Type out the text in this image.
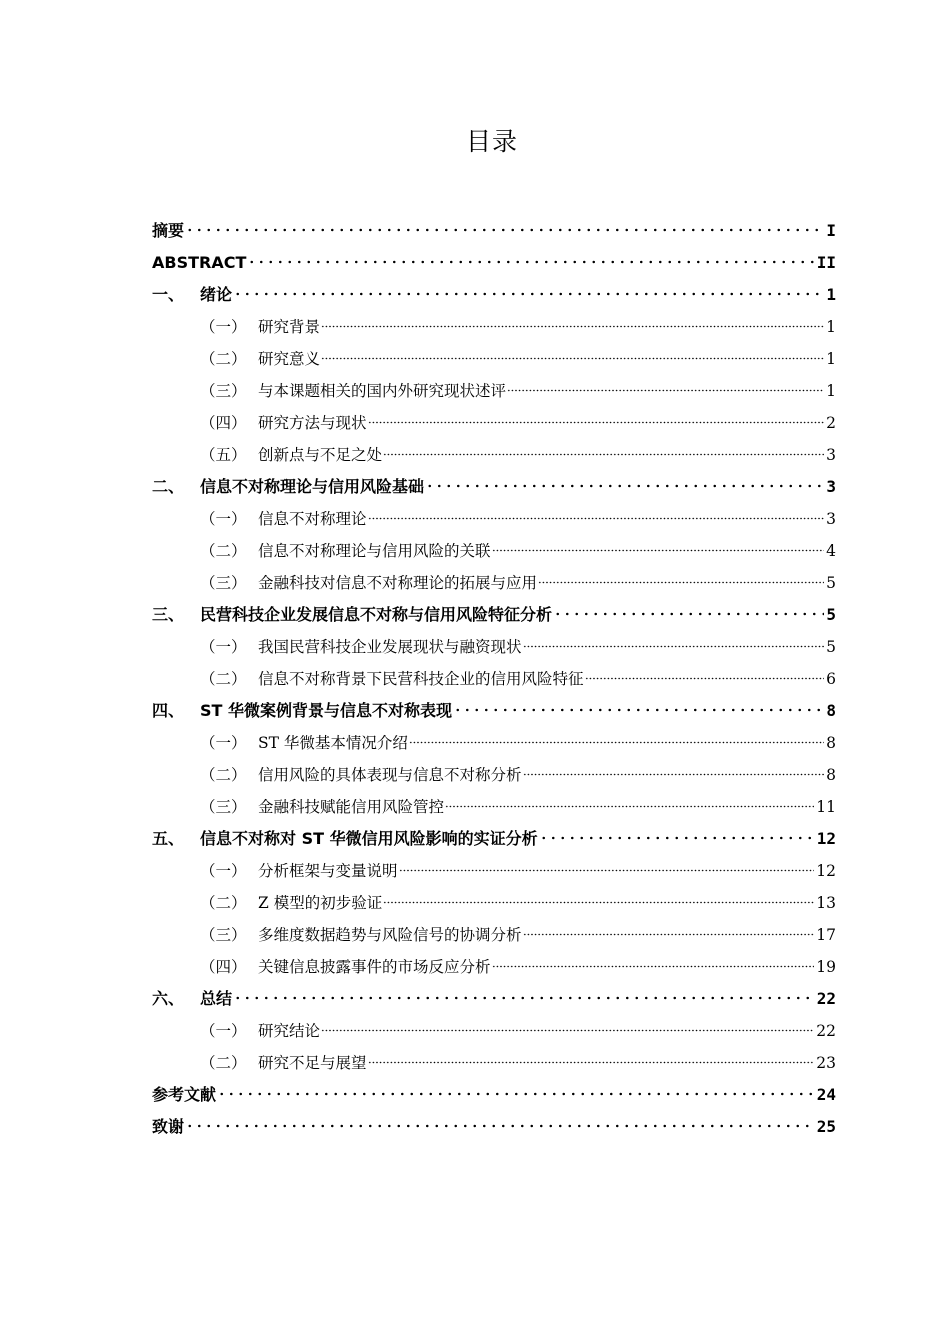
目录
摘要	I
ABSTRACT	II
一、 绪论	1
（一） 研究背景	1
（二） 研究意义	1
（三） 与本课题相关的国内外研究现状述评	1
（四） 研究方法与现状	2
（五） 创新点与不足之处	3
二、 信息不对称理论与信用风险基础	3
（一） 信息不对称理论	3
（二） 信息不对称理论与信用风险的关联	4
（三） 金融科技对信息不对称理论的拓展与应用	5
三、 民营科技企业发展信息不对称与信用风险特征分析	5
（一） 我国民营科技企业发展现状与融资现状	5
（二） 信息不对称背景下民营科技企业的信用风险特征	6
四、 ST 华微案例背景与信息不对称表现	8
（一） ST 华微基本情况介绍	8
（二） 信用风险的具体表现与信息不对称分析	8
（三） 金融科技赋能信用风险管控	11
五、 信息不对称对 ST 华微信用风险影响的实证分析	12
（一） 分析框架与变量说明	12
（二） Z 模型的初步验证	13
（三） 多维度数据趋势与风险信号的协调分析	17
（四） 关键信息披露事件的市场反应分析	19
六、 总结	22
（一） 研究结论	22
（二） 研究不足与展望	23
参考文献	24
致谢	25
